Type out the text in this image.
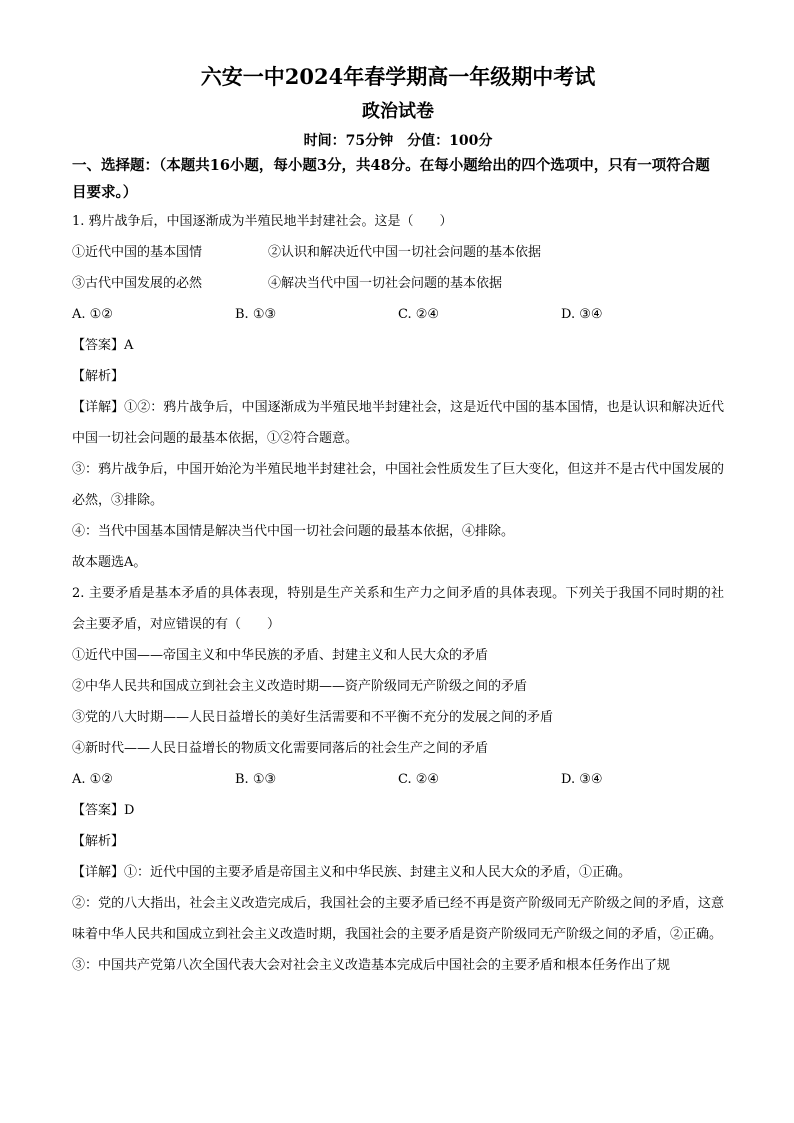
六安一中2024年春学期高一年级期中考试
政治试卷

时间：75分钟　分值：100分

一、选择题：（本题共16小题，每小题3分，共48分。在每小题给出的四个选项中，只有一项符合题目要求。）

1. 鸦片战争后，中国逐渐成为半殖民地半封建社会。这是（　　）

①近代中国的基本国情	②认识和解决近代中国一切社会问题的基本依据
③古代中国发展的必然	④解决当代中国一切社会问题的基本依据
A. ①②	B. ①③	C. ②④	D. ③④

【答案】A

【解析】

【详解】①②：鸦片战争后，中国逐渐成为半殖民地半封建社会，这是近代中国的基本国情，也是认识和解决近代中国一切社会问题的最基本依据，①②符合题意。

③：鸦片战争后，中国开始沦为半殖民地半封建社会，中国社会性质发生了巨大变化，但这并不是古代中国发展的必然，③排除。

④：当代中国基本国情是解决当代中国一切社会问题的最基本依据，④排除。

故本题选A。

2. 主要矛盾是基本矛盾的具体表现，特别是生产关系和生产力之间矛盾的具体表现。下列关于我国不同时期的社会主要矛盾，对应错误的有（　　）

①近代中国——帝国主义和中华民族的矛盾、封建主义和人民大众的矛盾

②中华人民共和国成立到社会主义改造时期——资产阶级同无产阶级之间的矛盾

③党的八大时期——人民日益增长的美好生活需要和不平衡不充分的发展之间的矛盾

④新时代——人民日益增长的物质文化需要同落后的社会生产之间的矛盾

A. ①②	B. ①③	C. ②④	D. ③④

【答案】D

【解析】

【详解】①：近代中国的主要矛盾是帝国主义和中华民族、封建主义和人民大众的矛盾，①正确。

②：党的八大指出，社会主义改造完成后，我国社会的主要矛盾已经不再是资产阶级同无产阶级之间的矛盾，这意味着中华人民共和国成立到社会主义改造时期，我国社会的主要矛盾是资产阶级同无产阶级之间的矛盾，②正确。

③：中国共产党第八次全国代表大会对社会主义改造基本完成后中国社会的主要矛盾和根本任务作出了规
